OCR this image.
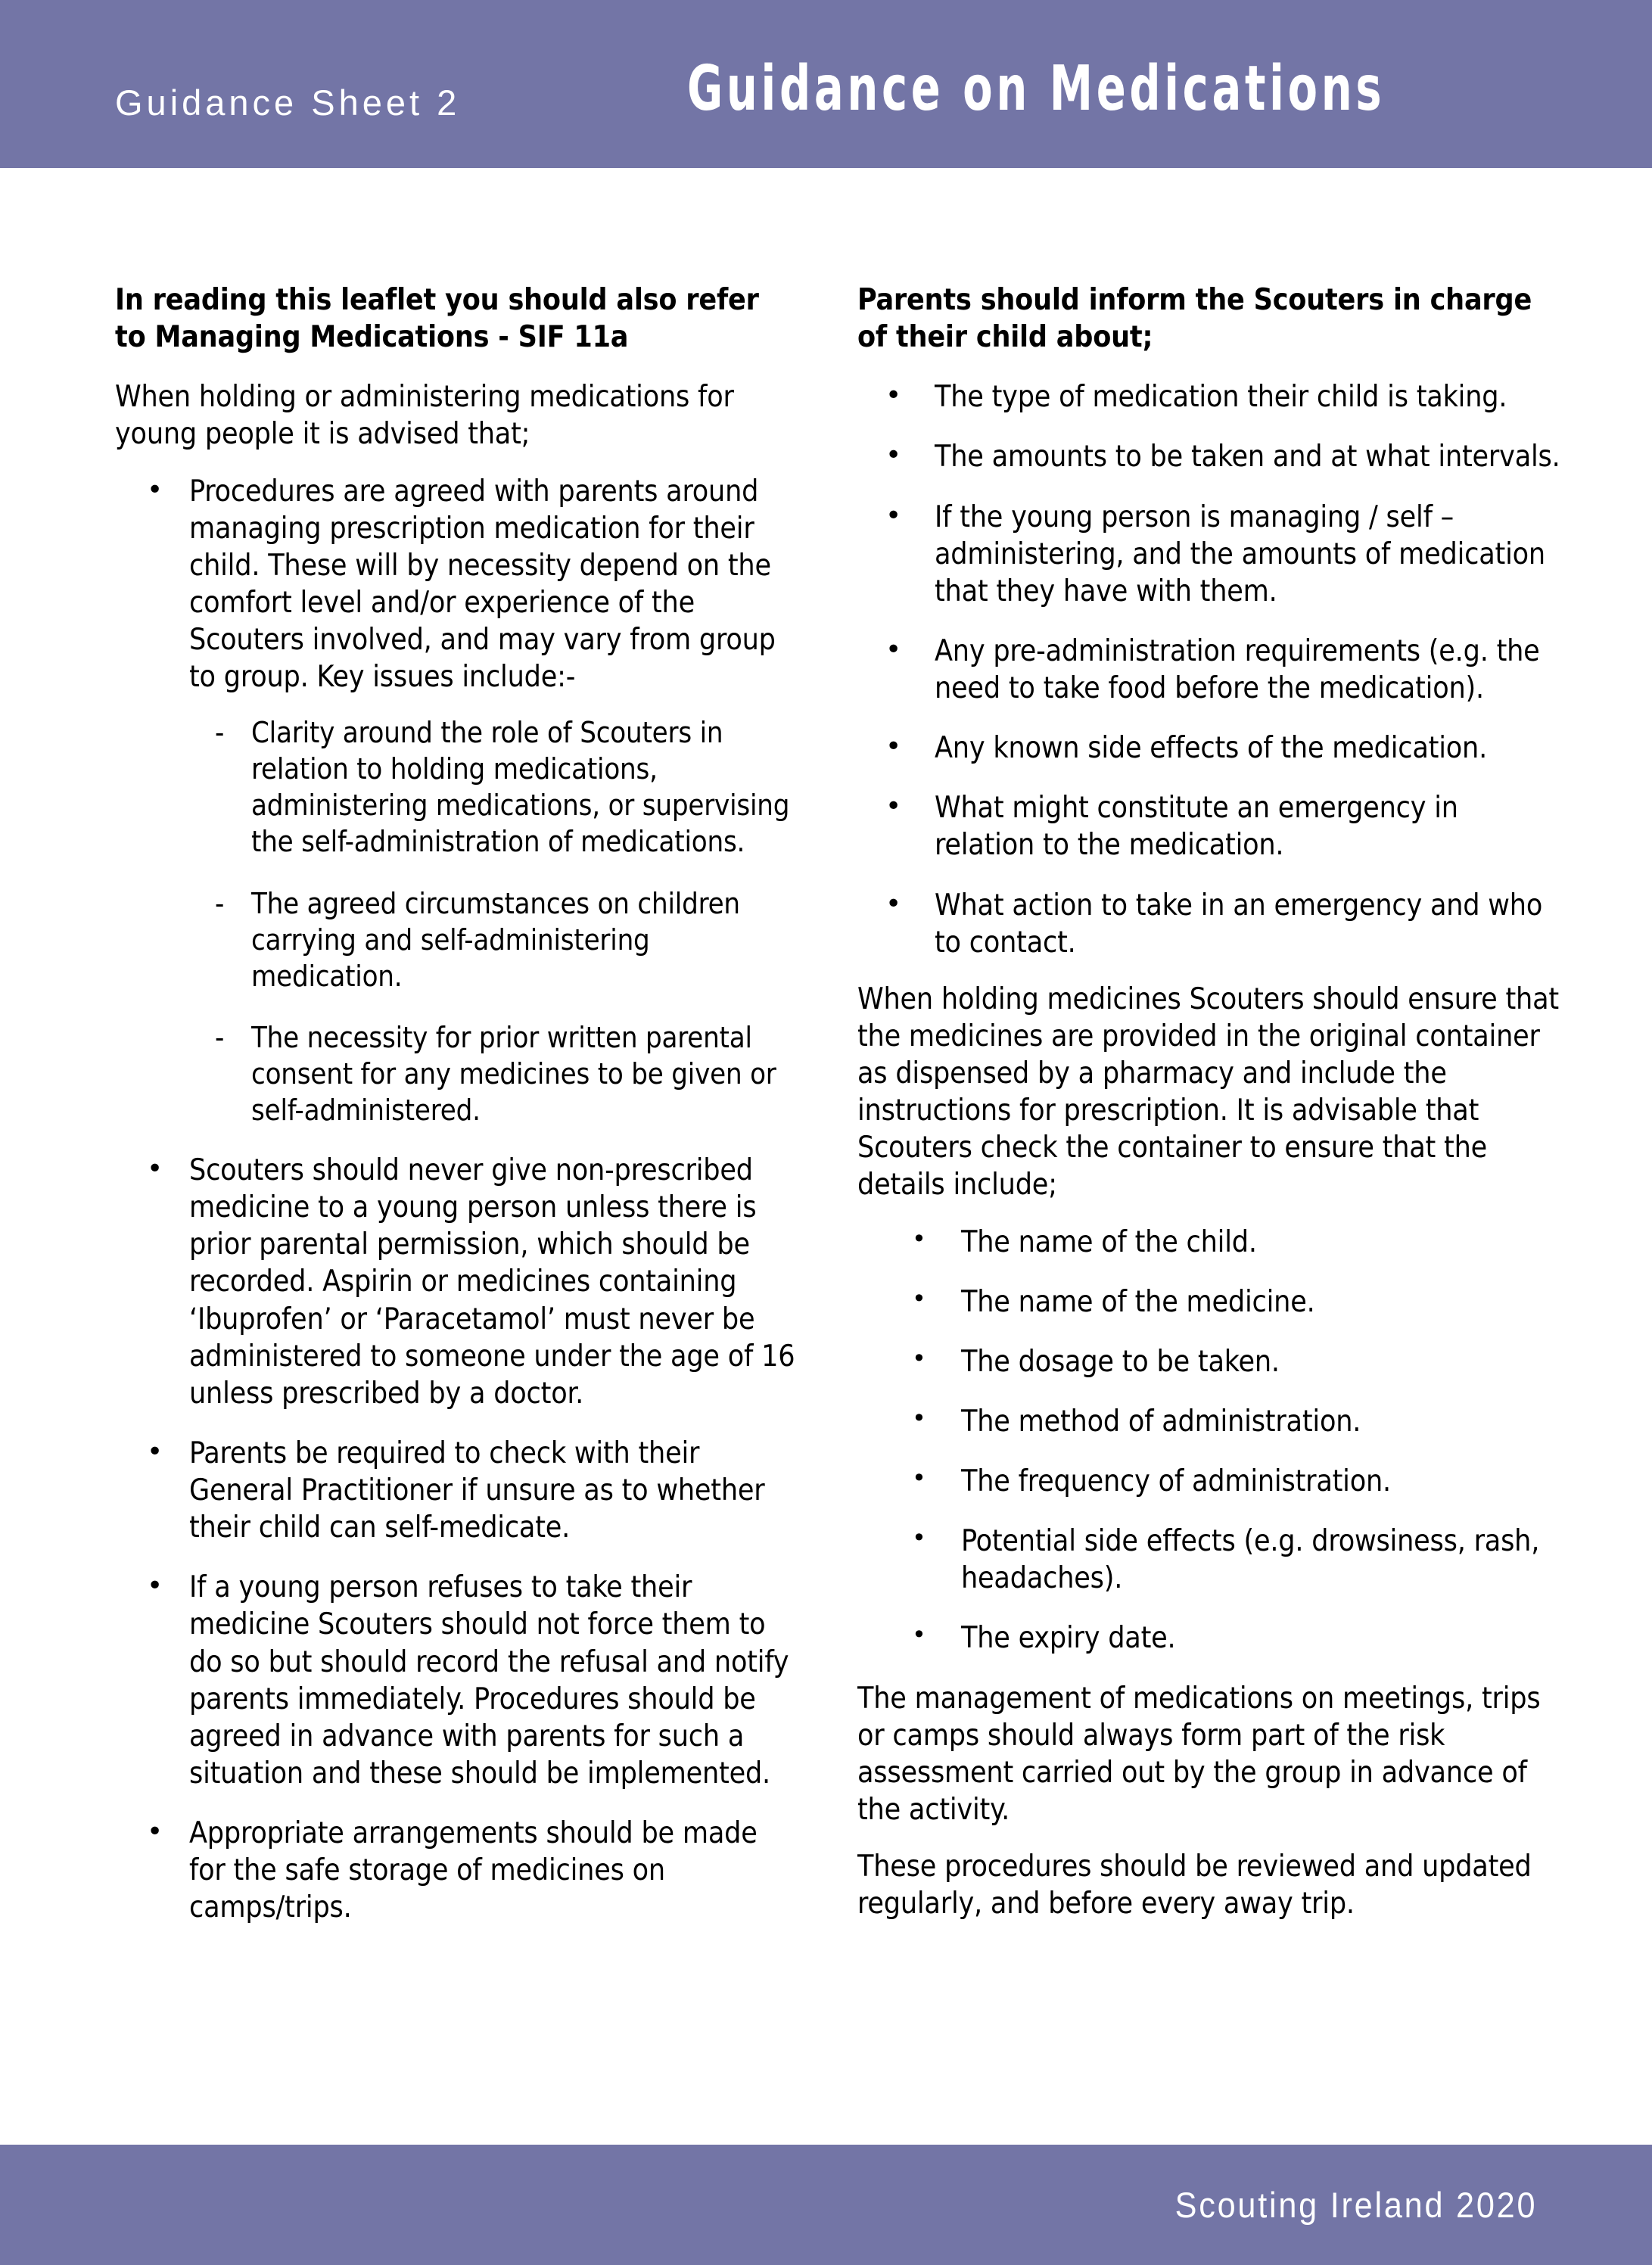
Guidance Sheet 2	Guidance on Medications
In reading this leaflet you should also refer to Managing Medications - SIF 11a

When holding or administering medications for young people it is advised that;

• Procedures are agreed with parents around managing prescription medication for their child. These will by necessity depend on the comfort level and/or experience of the Scouters involved, and may vary from group to group. Key issues include:-
- Clarity around the role of Scouters in relation to holding medications, administering medications, or supervising the self-administration of medications.
- The agreed circumstances on children carrying and self-administering medication.
- The necessity for prior written parental consent for any medicines to be given or self-administered.
• Scouters should never give non-prescribed medicine to a young person unless there is prior parental permission, which should be recorded. Aspirin or medicines containing ‘Ibuprofen’ or ‘Paracetamol’ must never be administered to someone under the age of 16 unless prescribed by a doctor.
• Parents be required to check with their General Practitioner if unsure as to whether their child can self-medicate.
• If a young person refuses to take their medicine Scouters should not force them to do so but should record the refusal and notify parents immediately. Procedures should be agreed in advance with parents for such a situation and these should be implemented.
• Appropriate arrangements should be made for the safe storage of medicines on camps/trips.
Parents should inform the Scouters in charge of their child about;
•	The type of medication their child is taking.
•	The amounts to be taken and at what intervals.
•	If the young person is managing / self – administering, and the amounts of medication that they have with them.
•	Any pre-administration requirements (e.g. the need to take food before the medication).
•	Any known side effects of the medication.
•	What might constitute an emergency in relation to the medication.
•	What action to take in an emergency and who to contact.

When holding medicines Scouters should ensure that the medicines are provided in the original container as dispensed by a pharmacy and include the instructions for prescription. It is advisable that Scouters check the container to ensure that the details include;

•	The name of the child.
•	The name of the medicine.
•	The dosage to be taken.
•	The method of administration.
•	The frequency of administration.
•	Potential side effects (e.g. drowsiness, rash, headaches).
•	The expiry date.

The management of medications on meetings, trips or camps should always form part of the risk assessment carried out by the group in advance of the activity.

These procedures should be reviewed and updated regularly, and before every away trip.

Scouting Ireland 2020
